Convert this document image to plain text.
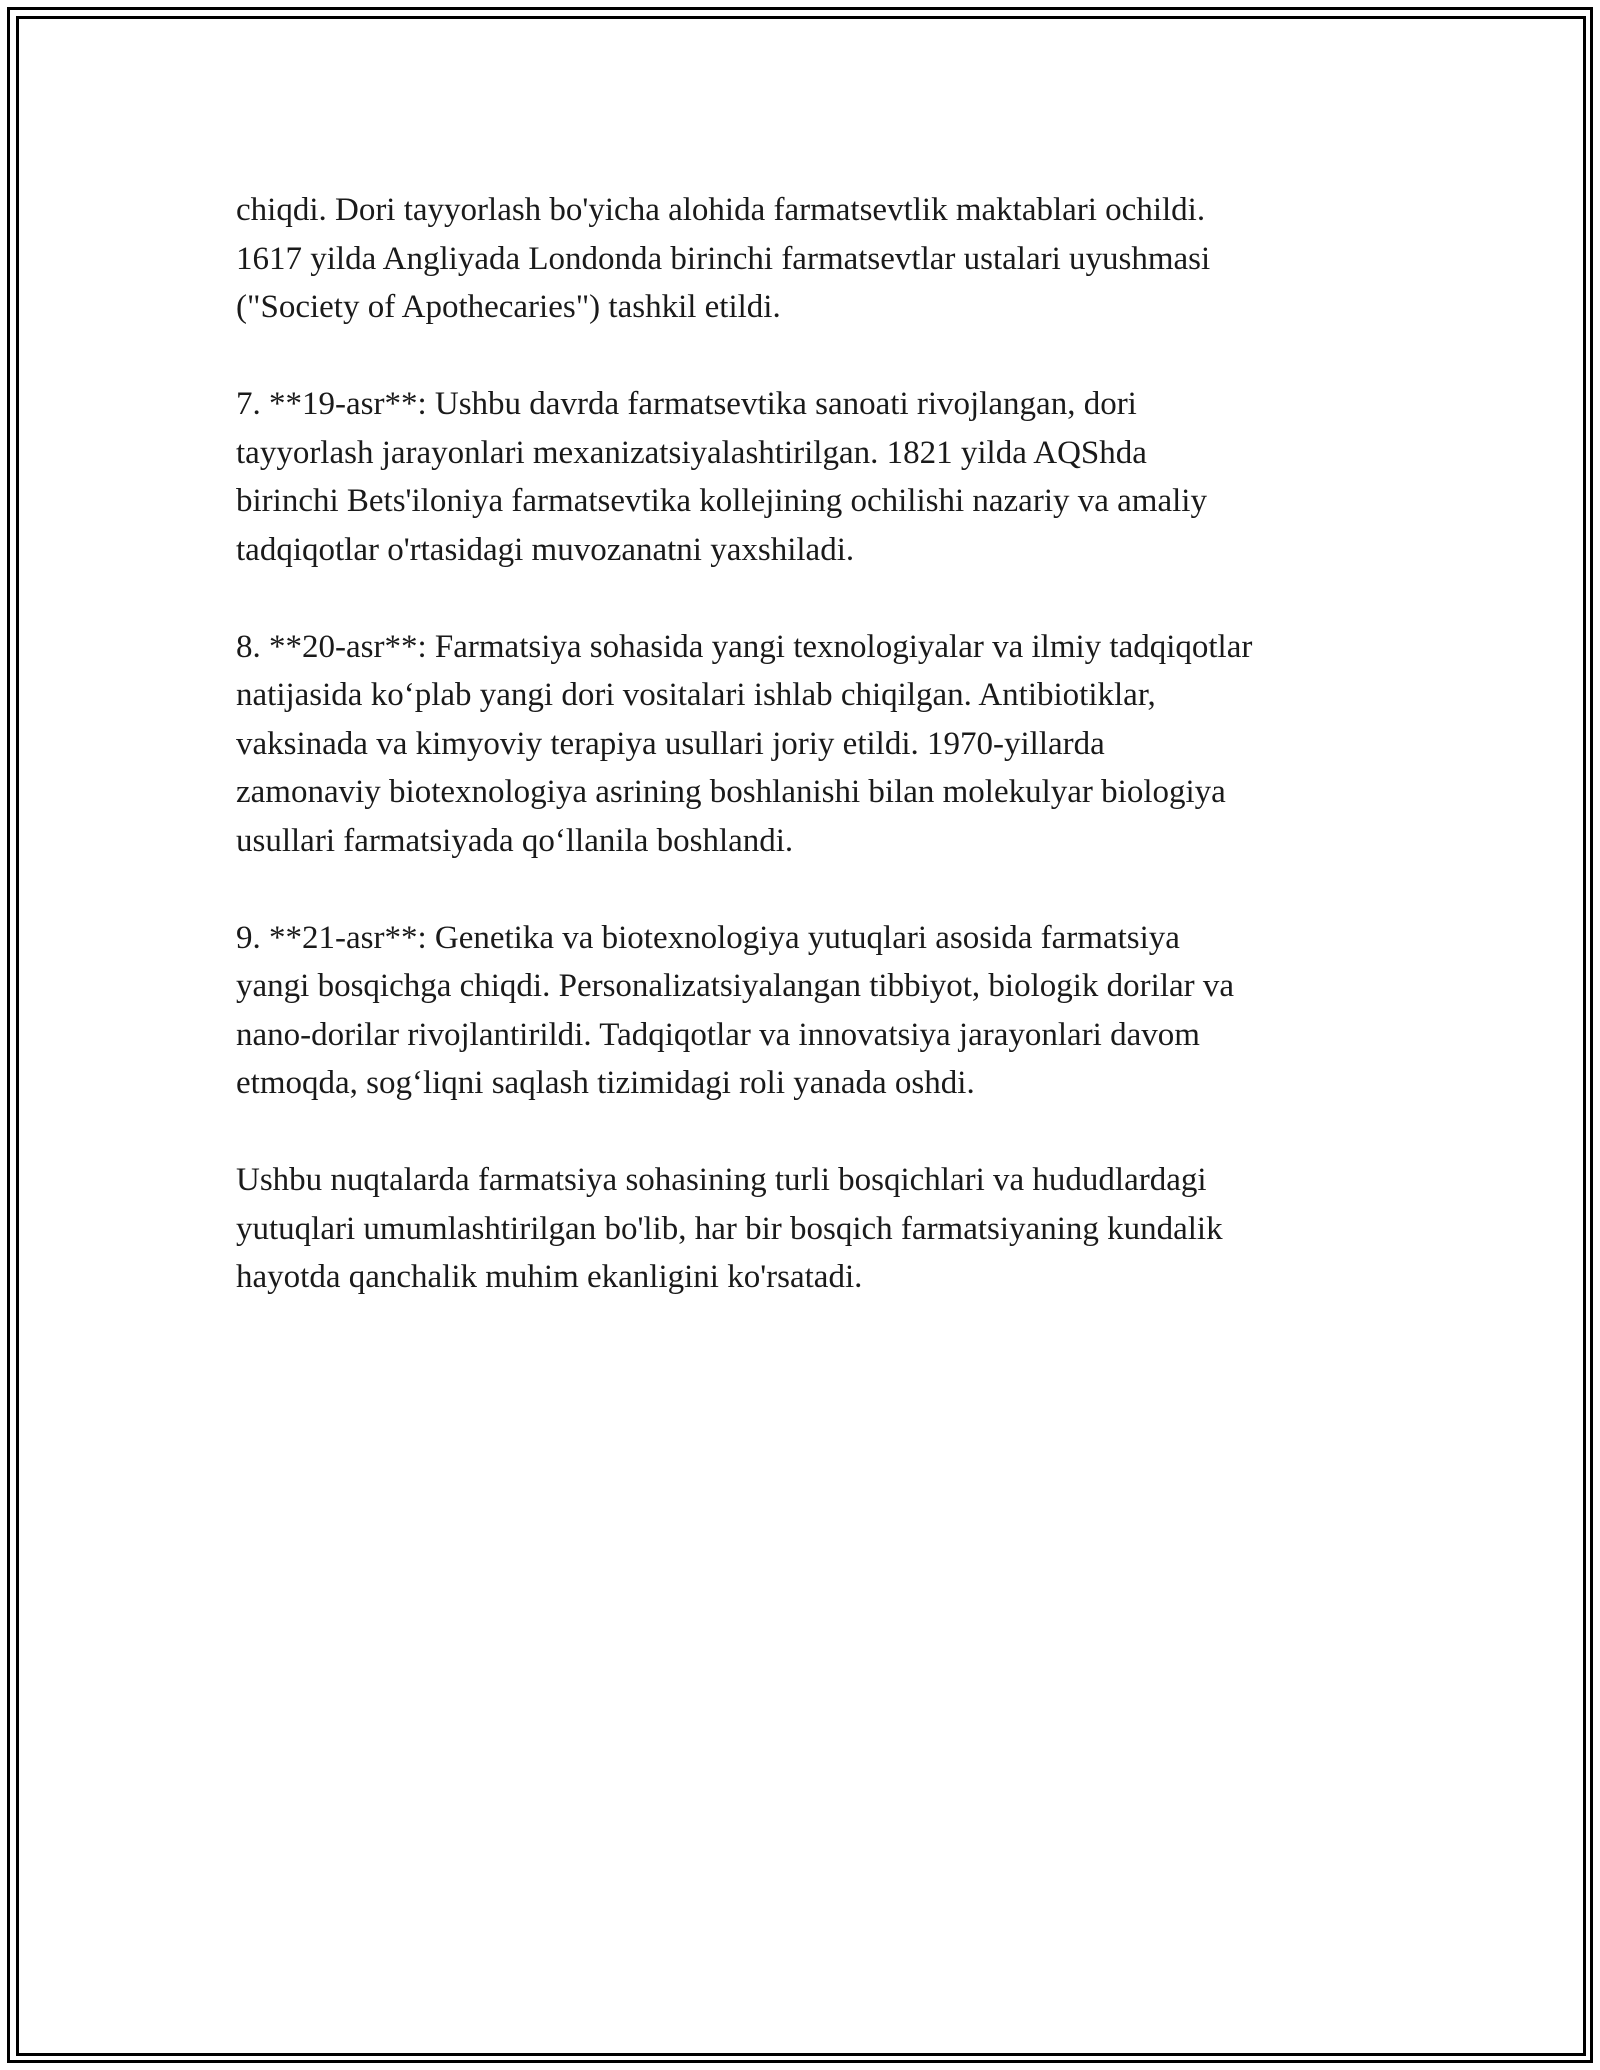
chiqdi. Dori tayyorlash bo'yicha alohida farmatsevtlik maktablari ochildi.
1617 yilda Angliyada Londonda birinchi farmatsevtlar ustalari uyushmasi
("Society of Apothecaries") tashkil etildi.

7. **19-asr**: Ushbu davrda farmatsevtika sanoati rivojlangan, dori
tayyorlash jarayonlari mexanizatsiyalashtirilgan. 1821 yilda AQShda
birinchi Bets'iloniya farmatsevtika kollejining ochilishi nazariy va amaliy
tadqiqotlar o'rtasidagi muvozanatni yaxshiladi.

8. **20-asr**: Farmatsiya sohasida yangi texnologiyalar va ilmiy tadqiqotlar
natijasida ko‘plab yangi dori vositalari ishlab chiqilgan. Antibiotiklar,
vaksinada va kimyoviy terapiya usullari joriy etildi. 1970-yillarda
zamonaviy biotexnologiya asrining boshlanishi bilan molekulyar biologiya
usullari farmatsiyada qo‘llanila boshlandi.

9. **21-asr**: Genetika va biotexnologiya yutuqlari asosida farmatsiya
yangi bosqichga chiqdi. Personalizatsiyalangan tibbiyot, biologik dorilar va
nano-dorilar rivojlantirildi. Tadqiqotlar va innovatsiya jarayonlari davom
etmoqda, sog‘liqni saqlash tizimidagi roli yanada oshdi.

Ushbu nuqtalarda farmatsiya sohasining turli bosqichlari va hududlardagi
yutuqlari umumlashtirilgan bo'lib, har bir bosqich farmatsiyaning kundalik
hayotda qanchalik muhim ekanligini ko'rsatadi.
